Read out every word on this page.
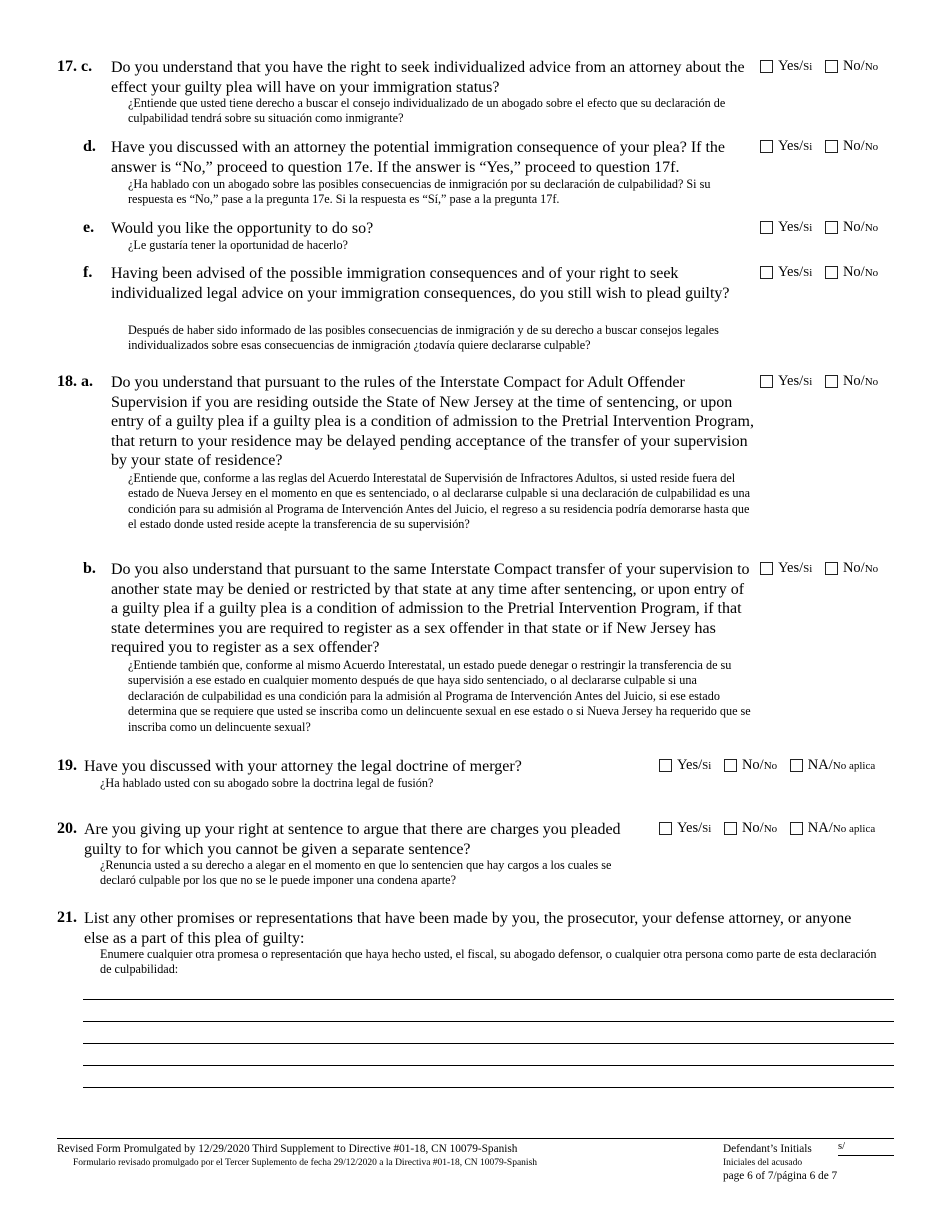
17. c. Do you understand that you have the right to seek individualized advice from an attorney about the effect your guilty plea will have on your immigration status?
¿Entiende que usted tiene derecho a buscar el consejo individualizado de un abogado sobre el efecto que su declaración de culpabilidad tendrá sobre su situación como inmigrante?
Yes/ Si
No/ No
d. Have you discussed with an attorney the potential immigration consequence of your plea? If the answer is “No,” proceed to question 17e. If the answer is “Yes,” proceed to question 17f.
¿Ha hablado con un abogado sobre las posibles consecuencias de inmigración por su declaración de culpabilidad? Si su respuesta es “No,” pase a la pregunta 17e. Si la respuesta es “Sí,” pase a la pregunta 17f.
Yes/ Si
No/ No
e. Would you like the opportunity to do so?
¿Le gustaría tener la oportunidad de hacerlo?
Yes/ Si
No/ No
f. Having been advised of the possible immigration consequences and of your right to seek individualized legal advice on your immigration consequences, do you still wish to plead guilty?
Después de haber sido informado de las posibles consecuencias de inmigración y de su derecho a buscar consejos legales individualizados sobre esas consecuencias de inmigración ¿todavía quiere declararse culpable?
Yes/ Si
No/ No
18. a. Do you understand that pursuant to the rules of the Interstate Compact for Adult Offender Supervision if you are residing outside the State of New Jersey at the time of sentencing, or upon entry of a guilty plea if a guilty plea is a condition of admission to the Pretrial Intervention Program, that return to your residence may be delayed pending acceptance of the transfer of your supervision by your state of residence?
¿Entiende que, conforme a las reglas del Acuerdo Interestatal de Supervisión de Infractores Adultos, si usted reside fuera del estado de Nueva Jersey en el momento en que es sentenciado, o al declararse culpable si una declaración de culpabilidad es una condición para su admisión al Programa de Intervención Antes del Juicio, el regreso a su residencia podría demorarse hasta que el estado donde usted reside acepte la transferencia de su supervisión?
Yes/ Si
No/ No
b. Do you also understand that pursuant to the same Interstate Compact transfer of your supervision to another state may be denied or restricted by that state at any time after sentencing, or upon entry of a guilty plea if a guilty plea is a condition of admission to the Pretrial Intervention Program, if that state determines you are required to register as a sex offender in that state or if New Jersey has required you to register as a sex offender?
¿Entiende también que, conforme al mismo Acuerdo Interestatal, un estado puede denegar o restringir la transferencia de su supervisión a ese estado en cualquier momento después de que haya sido sentenciado, o al declararse culpable si una declaración de culpabilidad es una condición para la admisión al Programa de Intervención Antes del Juicio, si ese estado determina que se requiere que usted se inscriba como un delincuente sexual en ese estado o si Nueva Jersey ha requerido que se inscriba como un delincuente sexual?
Yes/ Si
No/ No
19. Have you discussed with your attorney the legal doctrine of merger?
¿Ha hablado usted con su abogado sobre la doctrina legal de fusión?
Yes/ Si
No/ No
NA/ No aplica
20. Are you giving up your right at sentence to argue that there are charges you pleaded guilty to for which you cannot be given a separate sentence?
¿Renuncia usted a su derecho a alegar en el momento en que lo sentencien que hay cargos a los cuales se declaró culpable por los que no se le puede imponer una condena aparte?
Yes/ Si
No/ No
NA/ No aplica
21. List any other promises or representations that have been made by you, the prosecutor, your defense attorney, or anyone else as a part of this plea of guilty:
Enumere cualquier otra promesa o representación que haya hecho usted, el fiscal, su abogado defensor, o cualquier otra persona como parte de esta declaración de culpabilidad:
Revised Form Promulgated by 12/29/2020 Third Supplement to Directive #01-18, CN 10079-Spanish
Formulario revisado promulgado por el Tercer Suplemento de fecha 29/12/2020 a la Directiva #01-18, CN 10079-Spanish
Defendant’s Initials
Iniciales del acusado
page 6 of 7/página 6 de 7
s/
